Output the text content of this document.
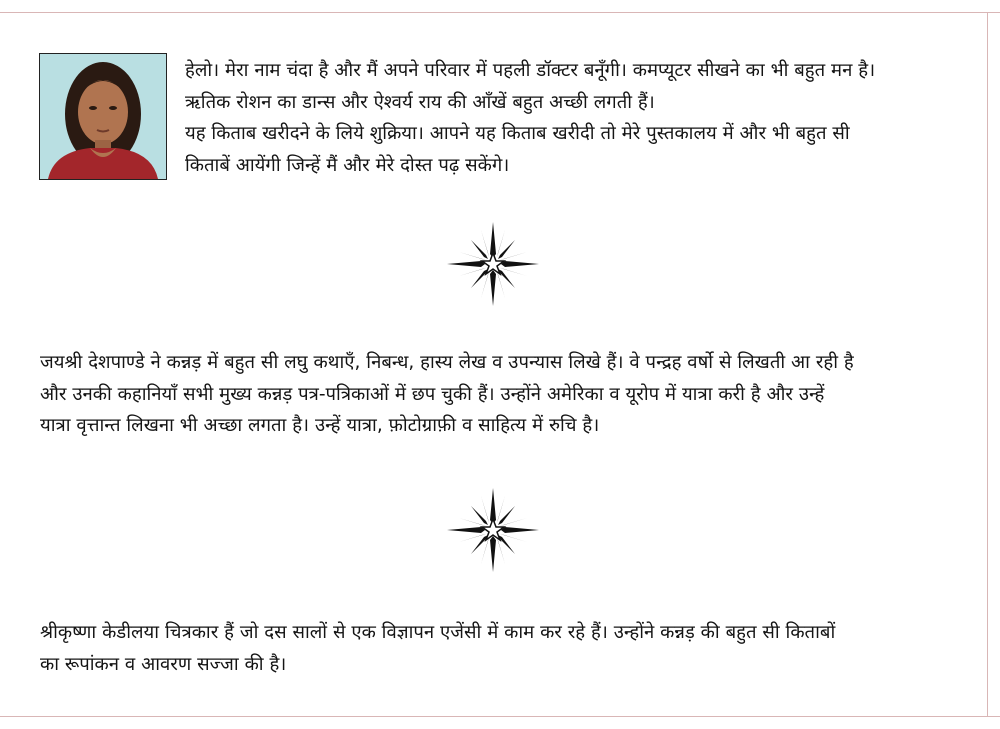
हेलो। मेरा नाम चंदा है और मैं अपने परिवार में पहली डॉक्टर बनूँगी। कमप्यूटर सीखने का भी बहुत मन है।
ऋतिक रोशन का डान्स और ऐश्वर्य राय की आँखें बहुत अच्छी लगती हैं।
यह किताब खरीदने के लिये शुक्रिया। आपने यह किताब खरीदी तो मेरे पुस्तकालय में और भी बहुत सी
किताबें आयेंगी जिन्हें मैं और मेरे दोस्त पढ़ सकेंगे।
जयश्री देशपाण्डे ने कन्नड़ में बहुत सी लघु कथाएँ, निबन्ध, हास्य लेख व उपन्यास लिखे हैं। वे पन्द्रह वर्षो से लिखती आ रही है
और उनकी कहानियाँ सभी मुख्य कन्नड़ पत्र-पत्रिकाओं में छप चुकी हैं। उन्होंने अमेरिका व यूरोप में यात्रा करी है और उन्हें
यात्रा वृत्तान्त लिखना भी अच्छा लगता है। उन्हें यात्रा, फ़ोटोग्राफ़ी व साहित्य में रुचि है।
श्रीकृष्णा केडीलया चित्रकार हैं जो दस सालों से एक विज्ञापन एजेंसी में काम कर रहे हैं। उन्होंने कन्नड़ की बहुत सी किताबों
का रूपांकन व आवरण सज्जा की है।
